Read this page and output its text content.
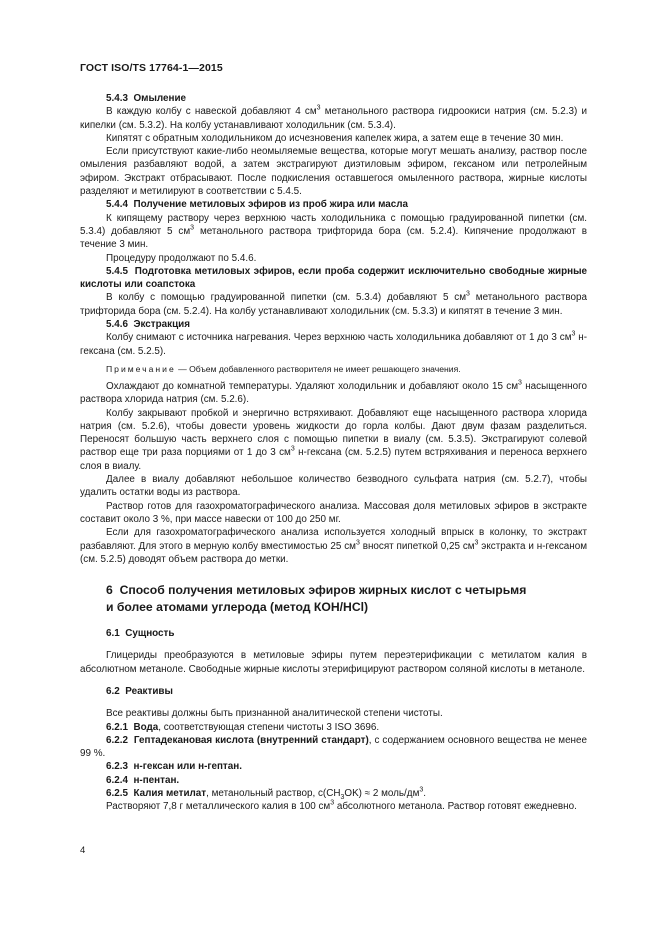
ГОСТ ISO/TS 17764-1—2015

5.4.3 Омыление

В каждую колбу с навеской добавляют 4 $см^3$ метанольного раствора гидроокиси натрия (см. 5.2.3) и кипелки (см. 5.3.2). На колбу устанавливают холодильник (см. 5.3.4).

Кипятят с обратным холодильником до исчезновения капелек жира, а затем еще в течение 30 мин.

Если присутствуют какие-либо неомыляемые вещества, которые могут мешать анализу, раствор после омыления разбавляют водой, а затем экстрагируют диэтиловым эфиром, гексаном или петролейным эфиром. Экстракт отбрасывают. После подкисления оставшегося омыленного раствора, жирные кислоты разделяют и метилируют в соответствии с 5.4.5.

5.4.4 Получение метиловых эфиров из проб жира или масла

К кипящему раствору через верхнюю часть холодильника с помощью градуированной пипетки (см. 5.3.4) добавляют 5 $см^3$ метанольного раствора трифторида бора (см. 5.2.4). Кипячение продолжают в течение 3 мин.

Процедуру продолжают по 5.4.6.

5.4.5 Подготовка метиловых эфиров, если проба содержит исключительно свободные жирные кислоты или соапстока

В колбу с помощью градуированной пипетки (см. 5.3.4) добавляют 5 $см^3$ метанольного раствора трифторида бора (см. 5.2.4). На колбу устанавливают холодильник (см. 5.3.3) и кипятят в течение 3 мин.

5.4.6 Экстракция

Колбу снимают с источника нагревания. Через верхнюю часть холодильника добавляют от 1 до 3 $см^3$ н-гексана (см. 5.2.5).

Примечание — Объем добавленного растворителя не имеет решающего значения.

Охлаждают до комнатной температуры. Удаляют холодильник и добавляют около 15 $см^3$ насыщенного раствора хлорида натрия (см. 5.2.6).

Колбу закрывают пробкой и энергично встряхивают. Добавляют еще насыщенного раствора хлорида натрия (см. 5.2.6), чтобы довести уровень жидкости до горла колбы. Дают двум фазам разделиться. Переносят большую часть верхнего слоя с помощью пипетки в виалу (см. 5.3.5). Экстрагируют солевой раствор еще три раза порциями от 1 до 3 $см^3$ н-гексана (см. 5.2.5) путем встряхивания и переноса верхнего слоя в виалу.

Далее в виалу добавляют небольшое количество безводного сульфата натрия (см. 5.2.7), чтобы удалить остатки воды из раствора.

Раствор готов для газохроматографического анализа. Массовая доля метиловых эфиров в экстракте составит около 3 %, при массе навески от 100 до 250 мг.

Если для газохроматографического анализа используется холодный впрыск в колонку, то экстракт разбавляют. Для этого в мерную колбу вместимостью 25 $см^3$ вносят пипеткой 0,25 $см^3$ экстракта и н-гексаном (см. 5.2.5) доводят объем раствора до метки.

6 Способ получения метиловых эфиров жирных кислот с четырьмя
и более атомами углерода (метод КОН/НСl)

6.1 Сущность

Глицериды преобразуются в метиловые эфиры путем переэтерификации с метилатом калия в абсолютном метаноле. Свободные жирные кислоты этерифицируют раствором соляной кислоты в метаноле.

6.2 Реактивы

Все реактивы должны быть признанной аналитической степени чистоты.

6.2.1 Вода, соответствующая степени чистоты 3 ISO 3696.

6.2.2 Гептадекановая кислота (внутренний стандарт), с содержанием основного вещества не менее 99 %.

6.2.3 н-гексан или н-гептан.

6.2.4 н-пентан.

6.2.5 Калия метилат, метанольный раствор, $c(CH_3OK) \approx 2$ моль/$дм^3$.

Растворяют 7,8 г металлического калия в 100 $см^3$ абсолютного метанола. Раствор готовят ежедневно.

4
